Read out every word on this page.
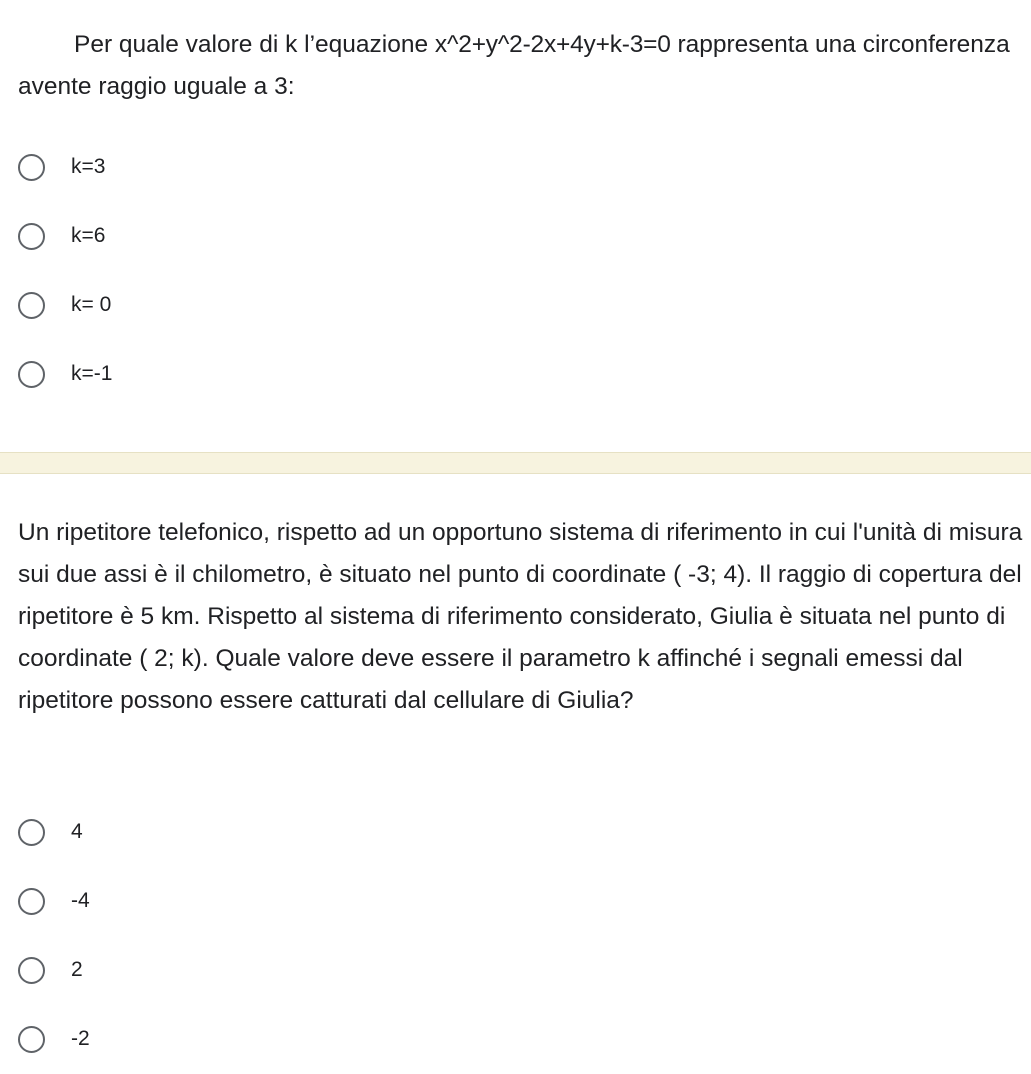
Per quale valore di k l’equazione x^2+y^2-2x+4y+k-3=0 rappresenta una circonferenza avente raggio uguale a 3:

k=3
k=6
k= 0
k=-1

Un ripetitore telefonico, rispetto ad un opportuno sistema di riferimento in cui l'unità di misura sui due assi è il chilometro, è situato nel punto di coordinate ( -3; 4). Il raggio di copertura del ripetitore è 5 km. Rispetto al sistema di riferimento considerato, Giulia è situata nel punto di coordinate ( 2; k). Quale valore deve essere il parametro k affinché i segnali emessi dal ripetitore possono essere catturati dal cellulare di Giulia?

4
-4
2
-2
